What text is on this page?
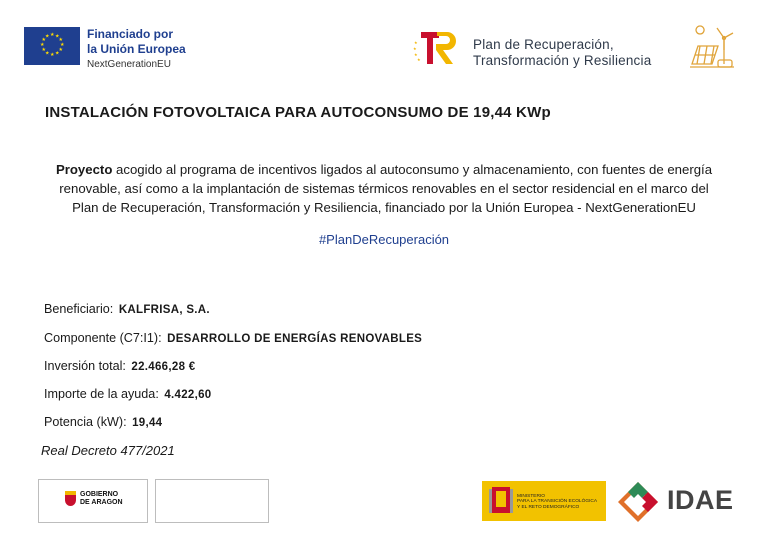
★ ★
★
★
★
★
★
★
★
★
★
★	Financiado por
la Unión Europea
NextGenerationEU
★
★
★
★
Plan de Recuperación,
Transformación y Resiliencia
INSTALACIÓN FOTOVOLTAICA PARA AUTOCONSUMO DE 19,44 KWp
Proyecto acogido al programa de incentivos ligados al autoconsumo y almacenamiento, con fuentes de energía
renovable, así como a la implantación de sistemas térmicos renovables en el sector residencial en el marco del
Plan de Recuperación, Transformación y Resiliencia, financiado por la Unión Europea - NextGenerationEU
#PlanDeRecuperación
Beneficiario: KALFRISA, S.A.
Componente (C7:I1): DESARROLLO DE ENERGÍAS RENOVABLES
Inversión total: 22.466,28 €
Importe de la ayuda: 4.422,60
Potencia (kW): 19,44
Real Decreto 477/2021
GOBIERNO
DE ARAGON
MINISTERIO
PARA LA TRANSICIÓN ECOLÓGICA
Y EL RETO DEMOGRÁFICO	IDAE
